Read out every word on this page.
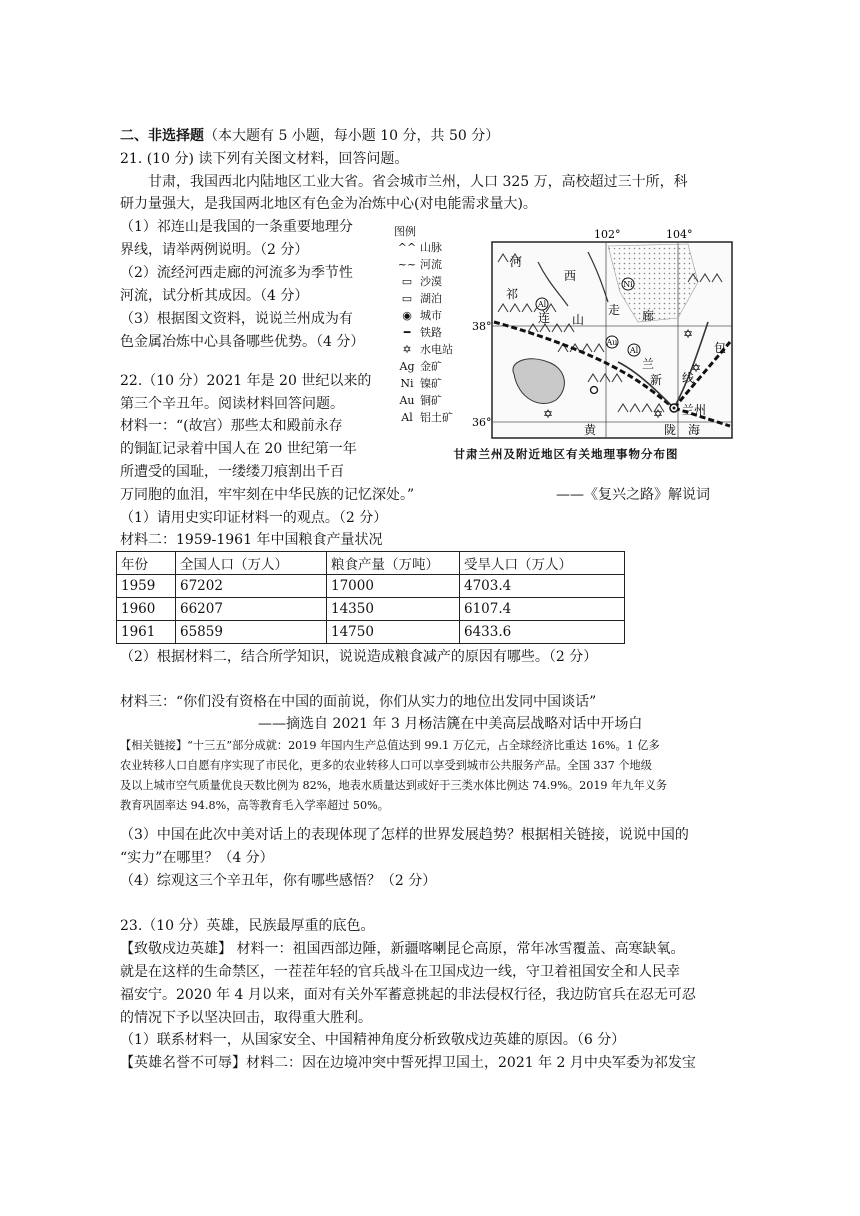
二、非选择题（本大题有 5 小题，每小题 10 分，共 50 分）
21. (10 分) 读下列有关图文材料，回答问题。
甘肃，我国西北内陆地区工业大省。省会城市兰州，人口 325 万，高校超过三十所，科
研力量强大，是我国两北地区有色金为冶炼中心(对电能需求量大)。
（1）祁连山是我国的一条重要地理分
界线，请举两例说明。（2 分）
（2）流经河西走廊的河流多为季节性
河流，试分析其成因。（4 分）
（3）根据图文资料，说说兰州成为有
色金属冶炼中心具备哪些优势。（4 分）
图例
^^ 山脉
~~ 河流
▭ 沙漠
▭ 湖泊
◉ 城市
━ 铁路
✡ 水电站
Ag 金矿
Ni 镍矿
Au 铜矿
Al 铝土矿
Al
Ni
Al
Au
✡
✡
✡
✡
河
西
走 廊
祁
连 山
兰
新 线
包
兰州
陇 海
黄
102°	104°
38°
36°
甘肃兰州及附近地区有关地理事物分布图
22.（10 分）2021 年是 20 世纪以来的
第三个辛丑年。阅读材料回答问题。
材料一：“(故宫）那些太和殿前永存
的铜缸记录着中国人在 20 世纪第一年
所遭受的国耻，一缕缕刀痕割出千百
万同胞的血泪，牢牢刻在中华民族的记忆深处。”	——《复兴之路》解说词
（1）请用史实印证材料一的观点。（2 分）
材料二：1959-1961 年中国粮食产量状况
年份	全国人口（万人）	粮食产量（万吨）	受旱人口（万人）
1959	67202	17000	4703.4
1960	66207	14350	6107.4
1961	65859	14750	6433.6
（2）根据材料二，结合所学知识，说说造成粮食减产的原因有哪些。（2 分）
材料三：“你们没有资格在中国的面前说，你们从实力的地位出发同中国谈话”
——摘选自 2021 年 3 月杨洁篪在中美高层战略对话中开场白
【相关链接】“十三五”部分成就：2019 年国内生产总值达到 99.1 万亿元，占全球经济比重达 16%。1 亿多
农业转移人口自愿有序实现了市民化，更多的农业转移人口可以享受到城市公共服务产品。全国 337 个地级
及以上城市空气质量优良天数比例为 82%，地表水质量达到或好于三类水体比例达 74.9%。2019 年九年义务
教育巩固率达 94.8%，高等教育毛入学率超过 50%。
（3）中国在此次中美对话上的表现体现了怎样的世界发展趋势？根据相关链接，说说中国的
“实力”在哪里？（4 分）
（4）综观这三个辛丑年，你有哪些感悟？（2 分）
23.（10 分）英雄，民族最厚重的底色。
【致敬戍边英雄】 材料一：祖国西部边陲，新疆喀喇昆仑高原，常年冰雪覆盖、高寒缺氧。
就是在这样的生命禁区，一茬茬年轻的官兵战斗在卫国戍边一线，守卫着祖国安全和人民幸
福安宁。2020 年 4 月以来，面对有关外军蓄意挑起的非法侵权行径，我边防官兵在忍无可忍
的情况下予以坚决回击，取得重大胜利。
（1）联系材料一，从国家安全、中国精神角度分析致敬戍边英雄的原因。（6 分）
【英雄名誉不可辱】材料二：因在边境冲突中誓死捍卫国土，2021 年 2 月中央军委为祁发宝
